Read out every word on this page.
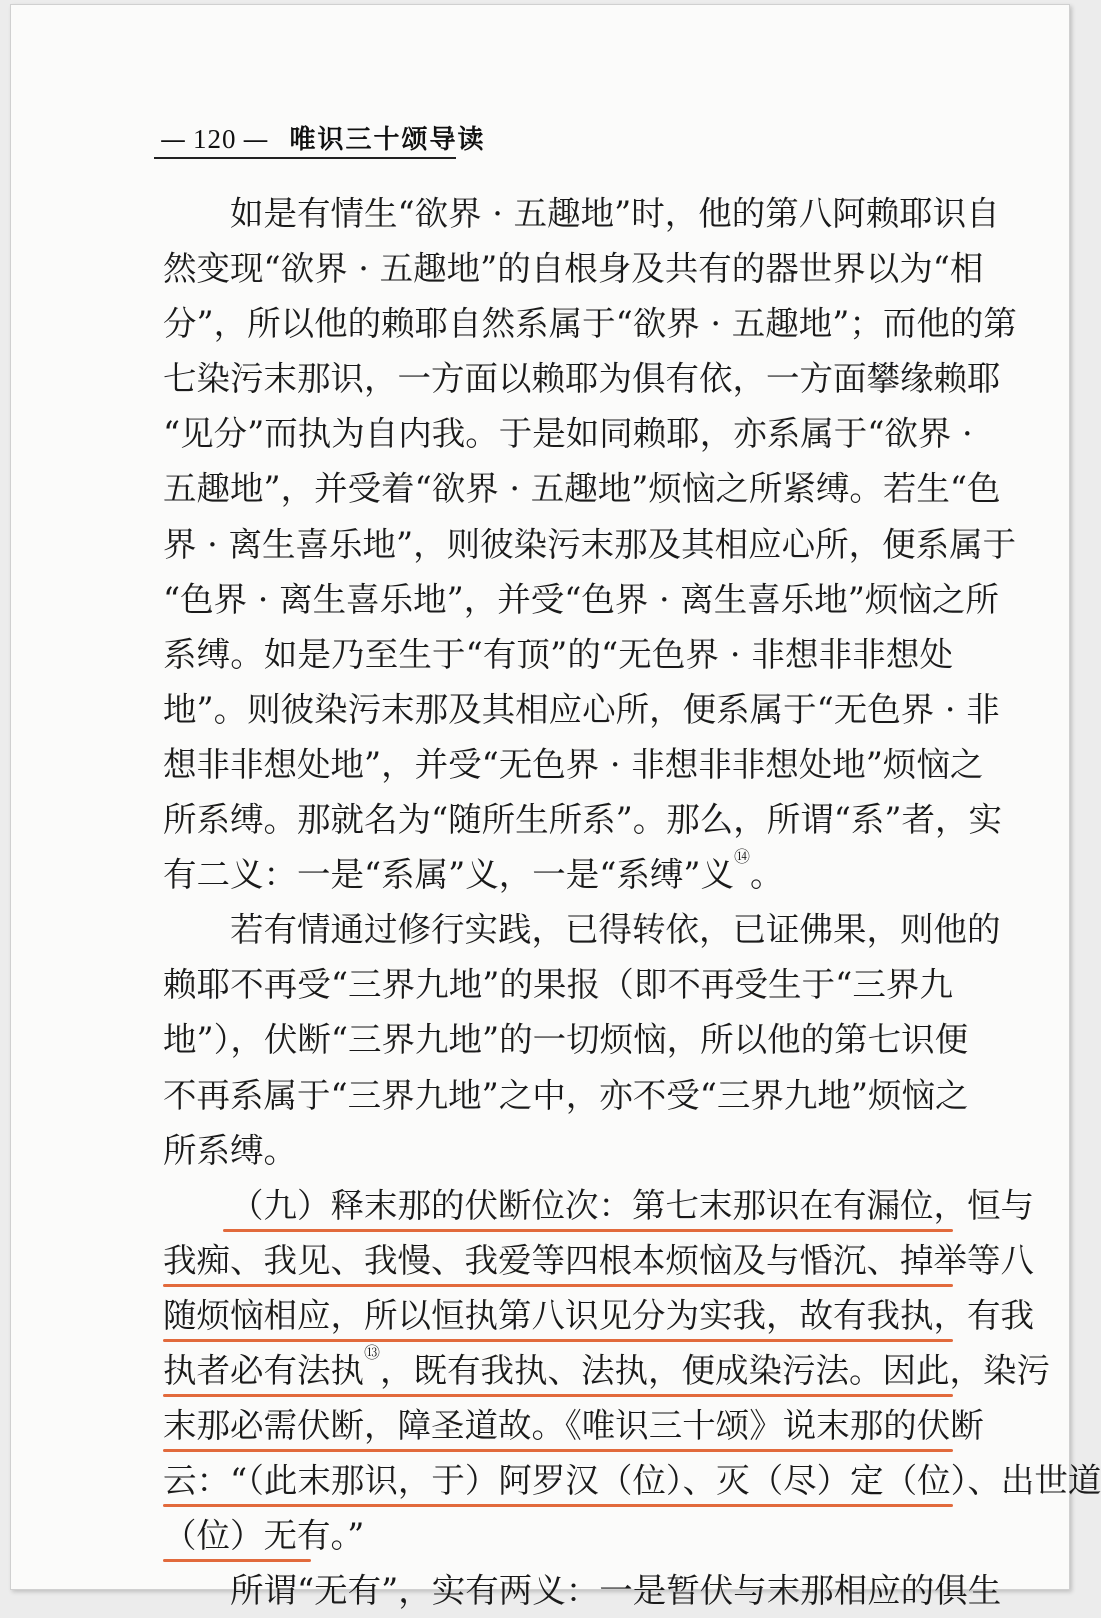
— 120 — 唯识三十颂导读
如是有情生“欲界 · 五趣地”时，他的第八阿赖耶识自
然变现“欲界 · 五趣地”的自根身及共有的器世界以为“相
分”，所以他的赖耶自然系属于“欲界 · 五趣地”；而他的第
七染污末那识，一方面以赖耶为俱有依，一方面攀缘赖耶
“见分”而执为自内我。于是如同赖耶，亦系属于“欲界 ·
五趣地”，并受着“欲界 · 五趣地”烦恼之所紧缚。若生“色
界 · 离生喜乐地”，则彼染污末那及其相应心所，便系属于
“色界 · 离生喜乐地”，并受“色界 · 离生喜乐地”烦恼之所
系缚。如是乃至生于“有顶”的“无色界 · 非想非非想处
地”。则彼染污末那及其相应心所，便系属于“无色界 · 非
想非非想处地”，并受“无色界 · 非想非非想处地”烦恼之
所系缚。那就名为“随所生所系”。那么，所谓“系”者，实
有二义：一是“系属”义，一是“系缚”义⑭。
若有情通过修行实践，已得转依，已证佛果，则他的
赖耶不再受“三界九地”的果报（即不再受生于“三界九
地”），伏断“三界九地”的一切烦恼，所以他的第七识便
不再系属于“三界九地”之中，亦不受“三界九地”烦恼之
所系缚。
（九）释末那的伏断位次：第七末那识在有漏位，恒与
我痴、我见、我慢、我爱等四根本烦恼及与惛沉、掉举等八
随烦恼相应，所以恒执第八识见分为实我，故有我执，有我
执者必有法执⑬，既有我执、法执，便成染污法。因此，染污
末那必需伏断，障圣道故。《唯识三十颂》说末那的伏断
云：“（此末那识，于）阿罗汉（位）、灭（尽）定（位）、出世道
（位）无有。”
所谓“无有”，实有两义：一是暂伏与末那相应的俱生
